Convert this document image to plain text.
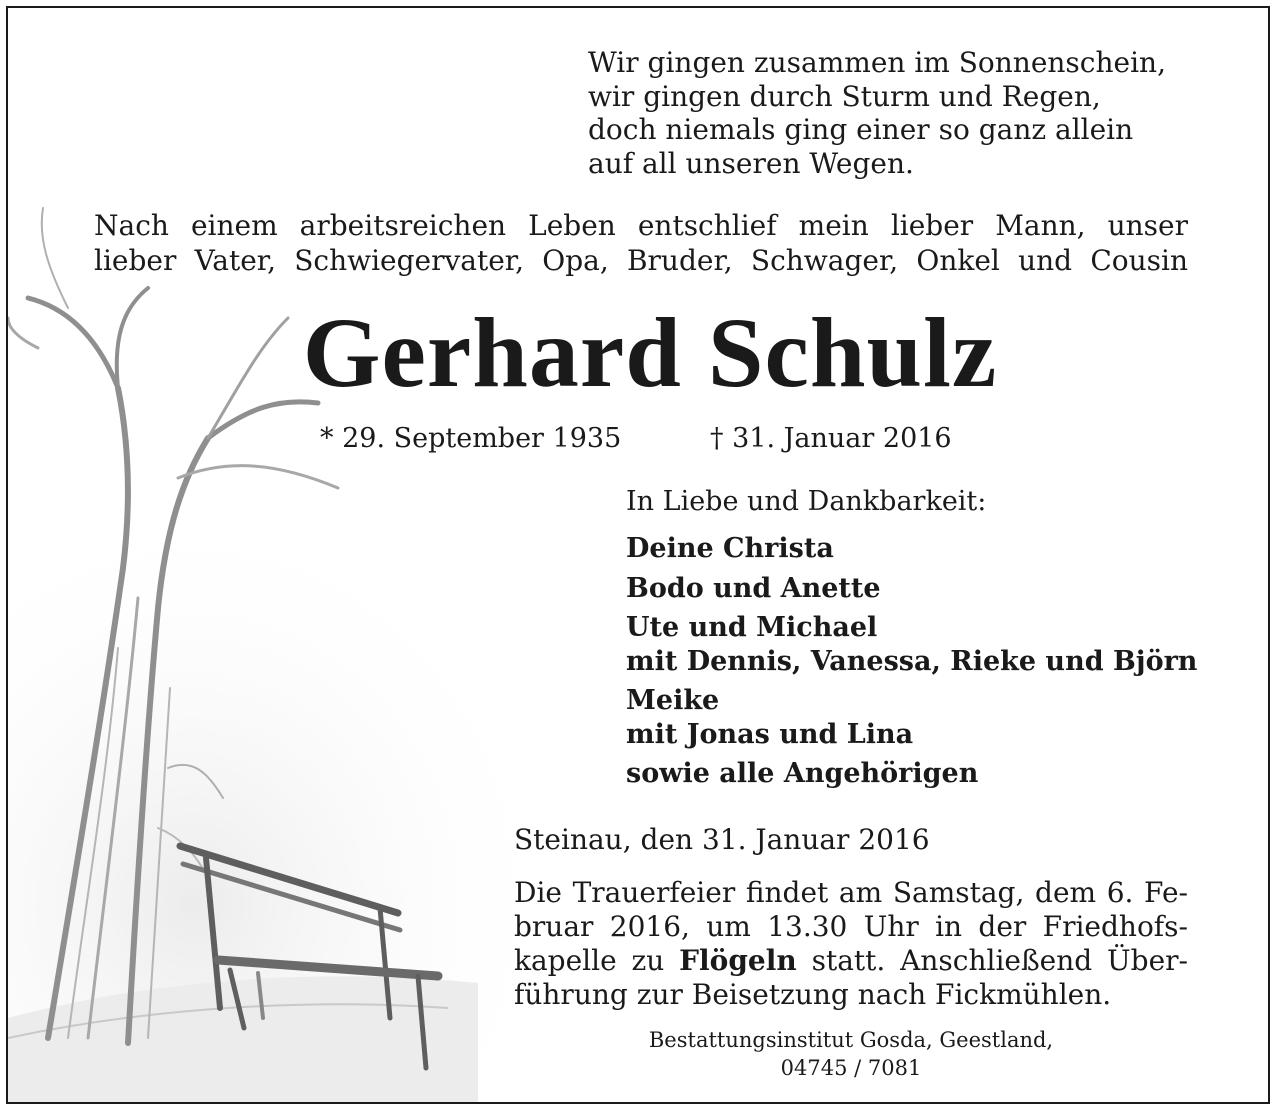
Wir gingen zusammen im Sonnenschein,
wir gingen durch Sturm und Regen,
doch niemals ging einer so ganz allein
auf all unseren Wegen.
Nach einem arbeitsreichen Leben entschlief mein lieber Mann, unser
lieber Vater, Schwiegervater, Opa, Bruder, Schwager, Onkel und Cousin
Gerhard Schulz
* 29. September 1935	† 31. Januar 2016
In Liebe und Dankbarkeit:
Deine Christa
Bodo und Anette
Ute und Michael
mit Dennis, Vanessa, Rieke und Björn
Meike
mit Jonas und Lina
sowie alle Angehörigen
Steinau, den 31. Januar 2016
Die Trauerfeier findet am Samstag, dem 6. Fe-
bruar 2016, um 13.30 Uhr in der Friedhofs-
kapelle zu Flögeln statt. Anschließend Über-
führung zur Beisetzung nach Fickmühlen.
Bestattungsinstitut Gosda, Geestland,
04745 / 7081
